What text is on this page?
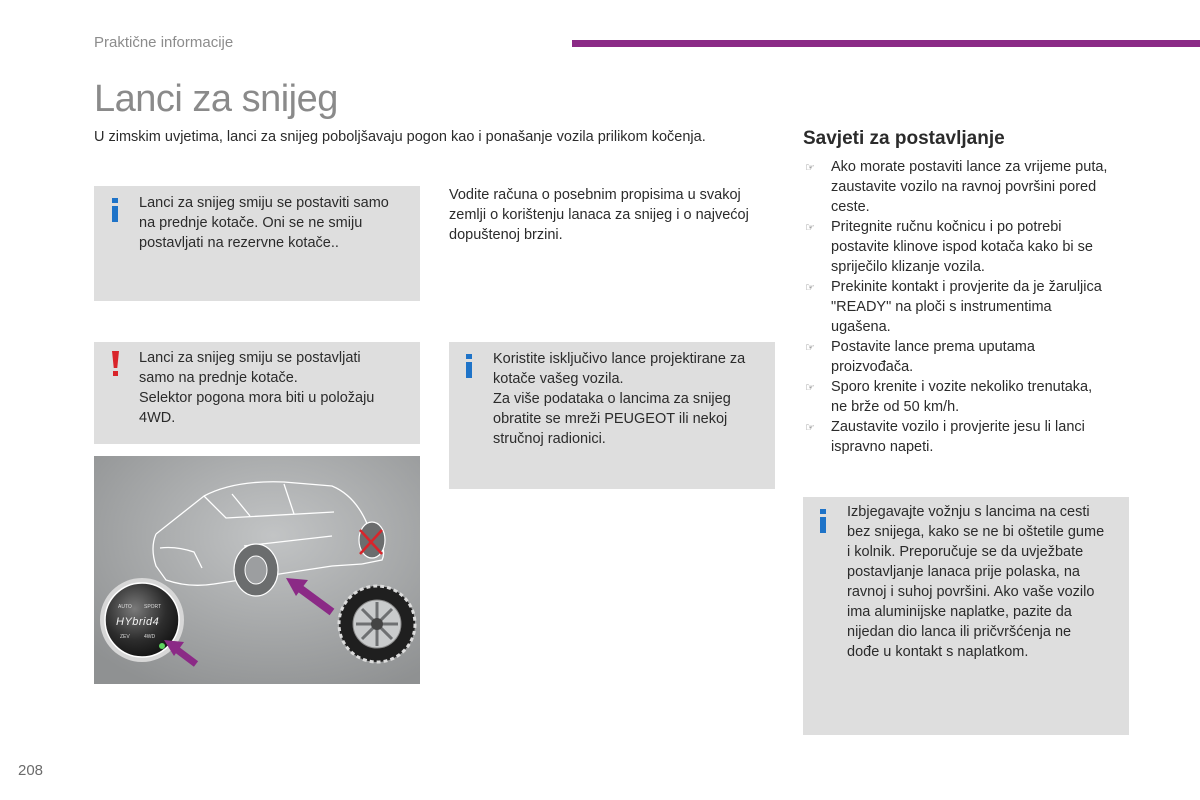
Praktične informacije
Lanci za snijeg
U zimskim uvjetima, lanci za snijeg poboljšavaju pogon kao i ponašanje vozila prilikom kočenja.
Lanci za snijeg smiju se postaviti samo
na prednje kotače. Oni se ne smiju
postavljati na rezervne kotače..
Vodite računa o posebnim propisima u svakoj
zemlji o korištenju lanaca za snijeg i o najvećoj
dopuštenoj brzini.
Lanci za snijeg smiju se postavljati
samo na prednje kotače.
Selektor pogona mora biti u položaju
4WD.
Koristite isključivo lance projektirane za
kotače vašeg vozila.
Za više podataka o lancima za snijeg
obratite se mreži PEUGEOT ili nekoj
stručnoj radionici.
AUTO SPORT
HYbrid4
ZEV	4WD
Savjeti za postavljanje
☞ Ako morate postaviti lance za vrijeme puta,
zaustavite vozilo na ravnoj površini pored
ceste.
☞ Pritegnite ručnu kočnicu i po potrebi
postavite klinove ispod kotača kako bi se
spriječilo klizanje vozila.
☞ Prekinite kontakt i provjerite da je žaruljica
"READY" na ploči s instrumentima
ugašena.
☞ Postavite lance prema uputama
proizvođača.
☞ Sporo krenite i vozite nekoliko trenutaka,
ne brže od 50 km/h.
☞ Zaustavite vozilo i provjerite jesu li lanci
ispravno napeti.
Izbjegavajte vožnju s lancima na cesti
bez snijega, kako se ne bi oštetile gume
i kolnik. Preporučuje se da uvježbate
postavljanje lanaca prije polaska, na
ravnoj i suhoj površini. Ako vaše vozilo
ima aluminijske naplatke, pazite da
nijedan dio lanca ili pričvršćenja ne
dođe u kontakt s naplatkom.
208
